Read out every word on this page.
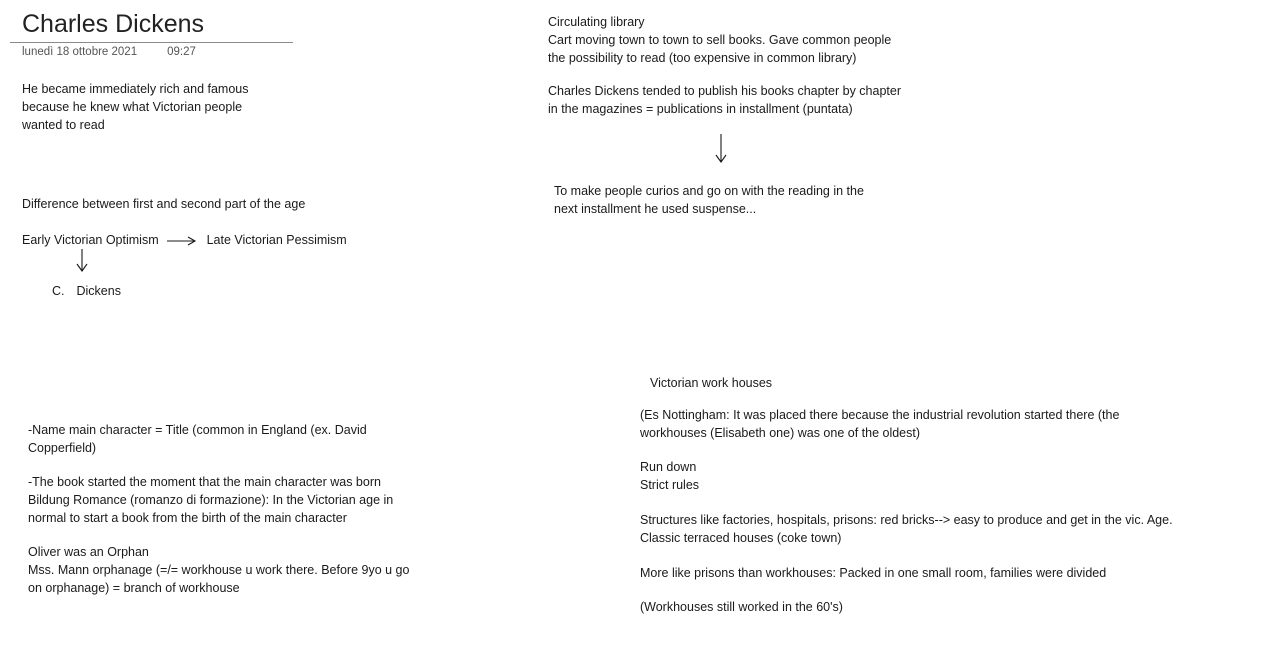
Charles Dickens
lunedì 18 ottobre 2021	09:27
He became immediately rich and famous
because he knew what Victorian people
wanted to read
Difference between first and second part of the age
Early Victorian Optimism	Late Victorian Pessimism
C. Dickens
-Name main character = Title (common in England (ex. David
Copperfield)
-The book started the moment that the main character was born
Bildung Romance (romanzo di formazione): In the Victorian age in
normal to start a book from the birth of the main character
Oliver was an Orphan
Mss. Mann orphanage (=/= workhouse u work there. Before 9yo u go
on orphanage) = branch of workhouse
Circulating library
Cart moving town to town to sell books. Gave common people
the possibility to read (too expensive in common library)
Charles Dickens tended to publish his books chapter by chapter
in the magazines = publications in installment (puntata)
To make people curios and go on with the reading in the
next installment he used suspense...
Victorian work houses
(Es Nottingham: It was placed there because the industrial revolution started there (the
workhouses (Elisabeth one) was one of the oldest)
Run down
Strict rules
Structures like factories, hospitals, prisons: red bricks--> easy to produce and get in the vic. Age.
Classic terraced houses (coke town)
More like prisons than workhouses: Packed in one small room, families were divided
(Workhouses still worked in the 60's)
